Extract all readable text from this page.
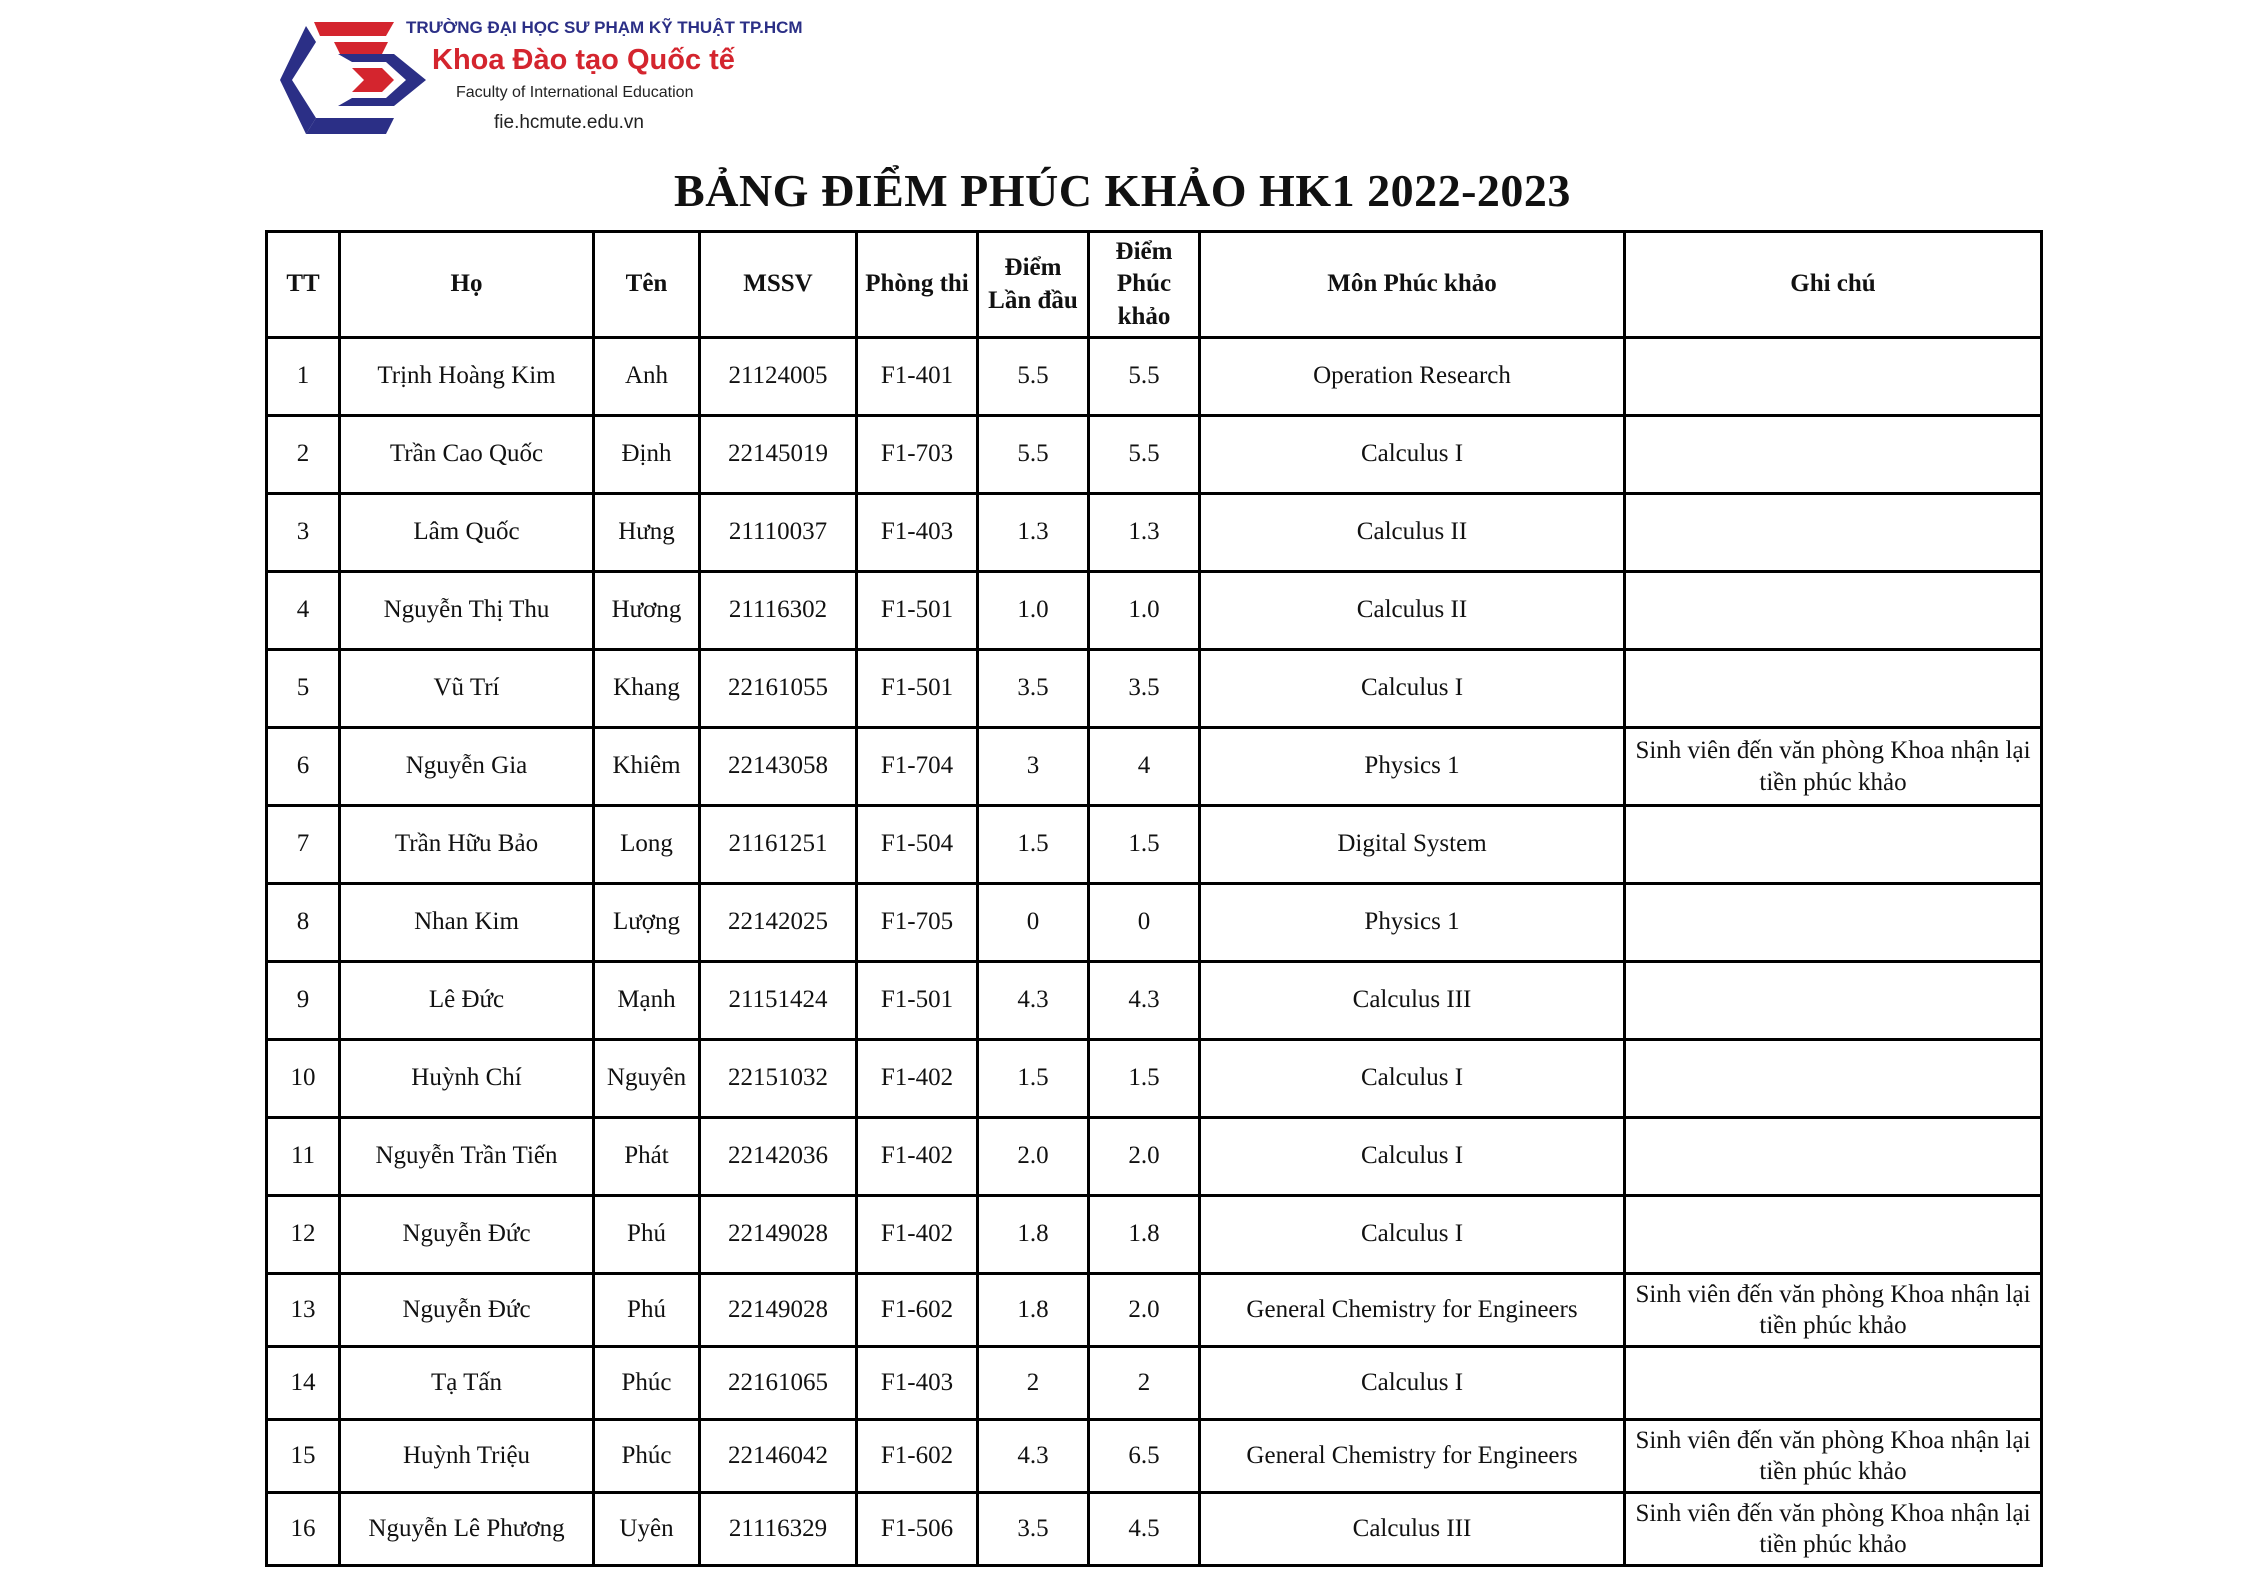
TRƯỜNG ĐẠI HỌC SƯ PHẠM KỸ THUẬT TP.HCM
Khoa Đào tạo Quốc tế
Faculty of International Education
fie.hcmute.edu.vn
BẢNG ĐIỂM PHÚC KHẢO HK1 2022-2023
TT	Họ	Tên	MSSV	Phòng thi	Điểm Lần đầu	Điểm Phúc khảo	Môn Phúc khảo	Ghi chú
1	Trịnh Hoàng Kim	Anh	21124005	F1-401	5.5	5.5	Operation Research	
2	Trần Cao Quốc	Định	22145019	F1-703	5.5	5.5	Calculus I	
3	Lâm Quốc	Hưng	21110037	F1-403	1.3	1.3	Calculus II	
4	Nguyễn Thị Thu	Hương	21116302	F1-501	1.0	1.0	Calculus II	
5	Vũ Trí	Khang	22161055	F1-501	3.5	3.5	Calculus I	
6	Nguyễn Gia	Khiêm	22143058	F1-704	3	4	Physics 1	Sinh viên đến văn phòng Khoa nhận lại tiền phúc khảo
7	Trần Hữu Bảo	Long	21161251	F1-504	1.5	1.5	Digital System	
8	Nhan Kim	Lượng	22142025	F1-705	0	0	Physics 1	
9	Lê Đức	Mạnh	21151424	F1-501	4.3	4.3	Calculus III	
10	Huỳnh Chí	Nguyên	22151032	F1-402	1.5	1.5	Calculus I	
11	Nguyễn Trần Tiến	Phát	22142036	F1-402	2.0	2.0	Calculus I	
12	Nguyễn Đức	Phú	22149028	F1-402	1.8	1.8	Calculus I	
13	Nguyễn Đức	Phú	22149028	F1-602	1.8	2.0	General Chemistry for Engineers	Sinh viên đến văn phòng Khoa nhận lại tiền phúc khảo
14	Tạ Tấn	Phúc	22161065	F1-403	2	2	Calculus I	
15	Huỳnh Triệu	Phúc	22146042	F1-602	4.3	6.5	General Chemistry for Engineers	Sinh viên đến văn phòng Khoa nhận lại tiền phúc khảo
16	Nguyễn Lê Phương	Uyên	21116329	F1-506	3.5	4.5	Calculus III	Sinh viên đến văn phòng Khoa nhận lại tiền phúc khảo
